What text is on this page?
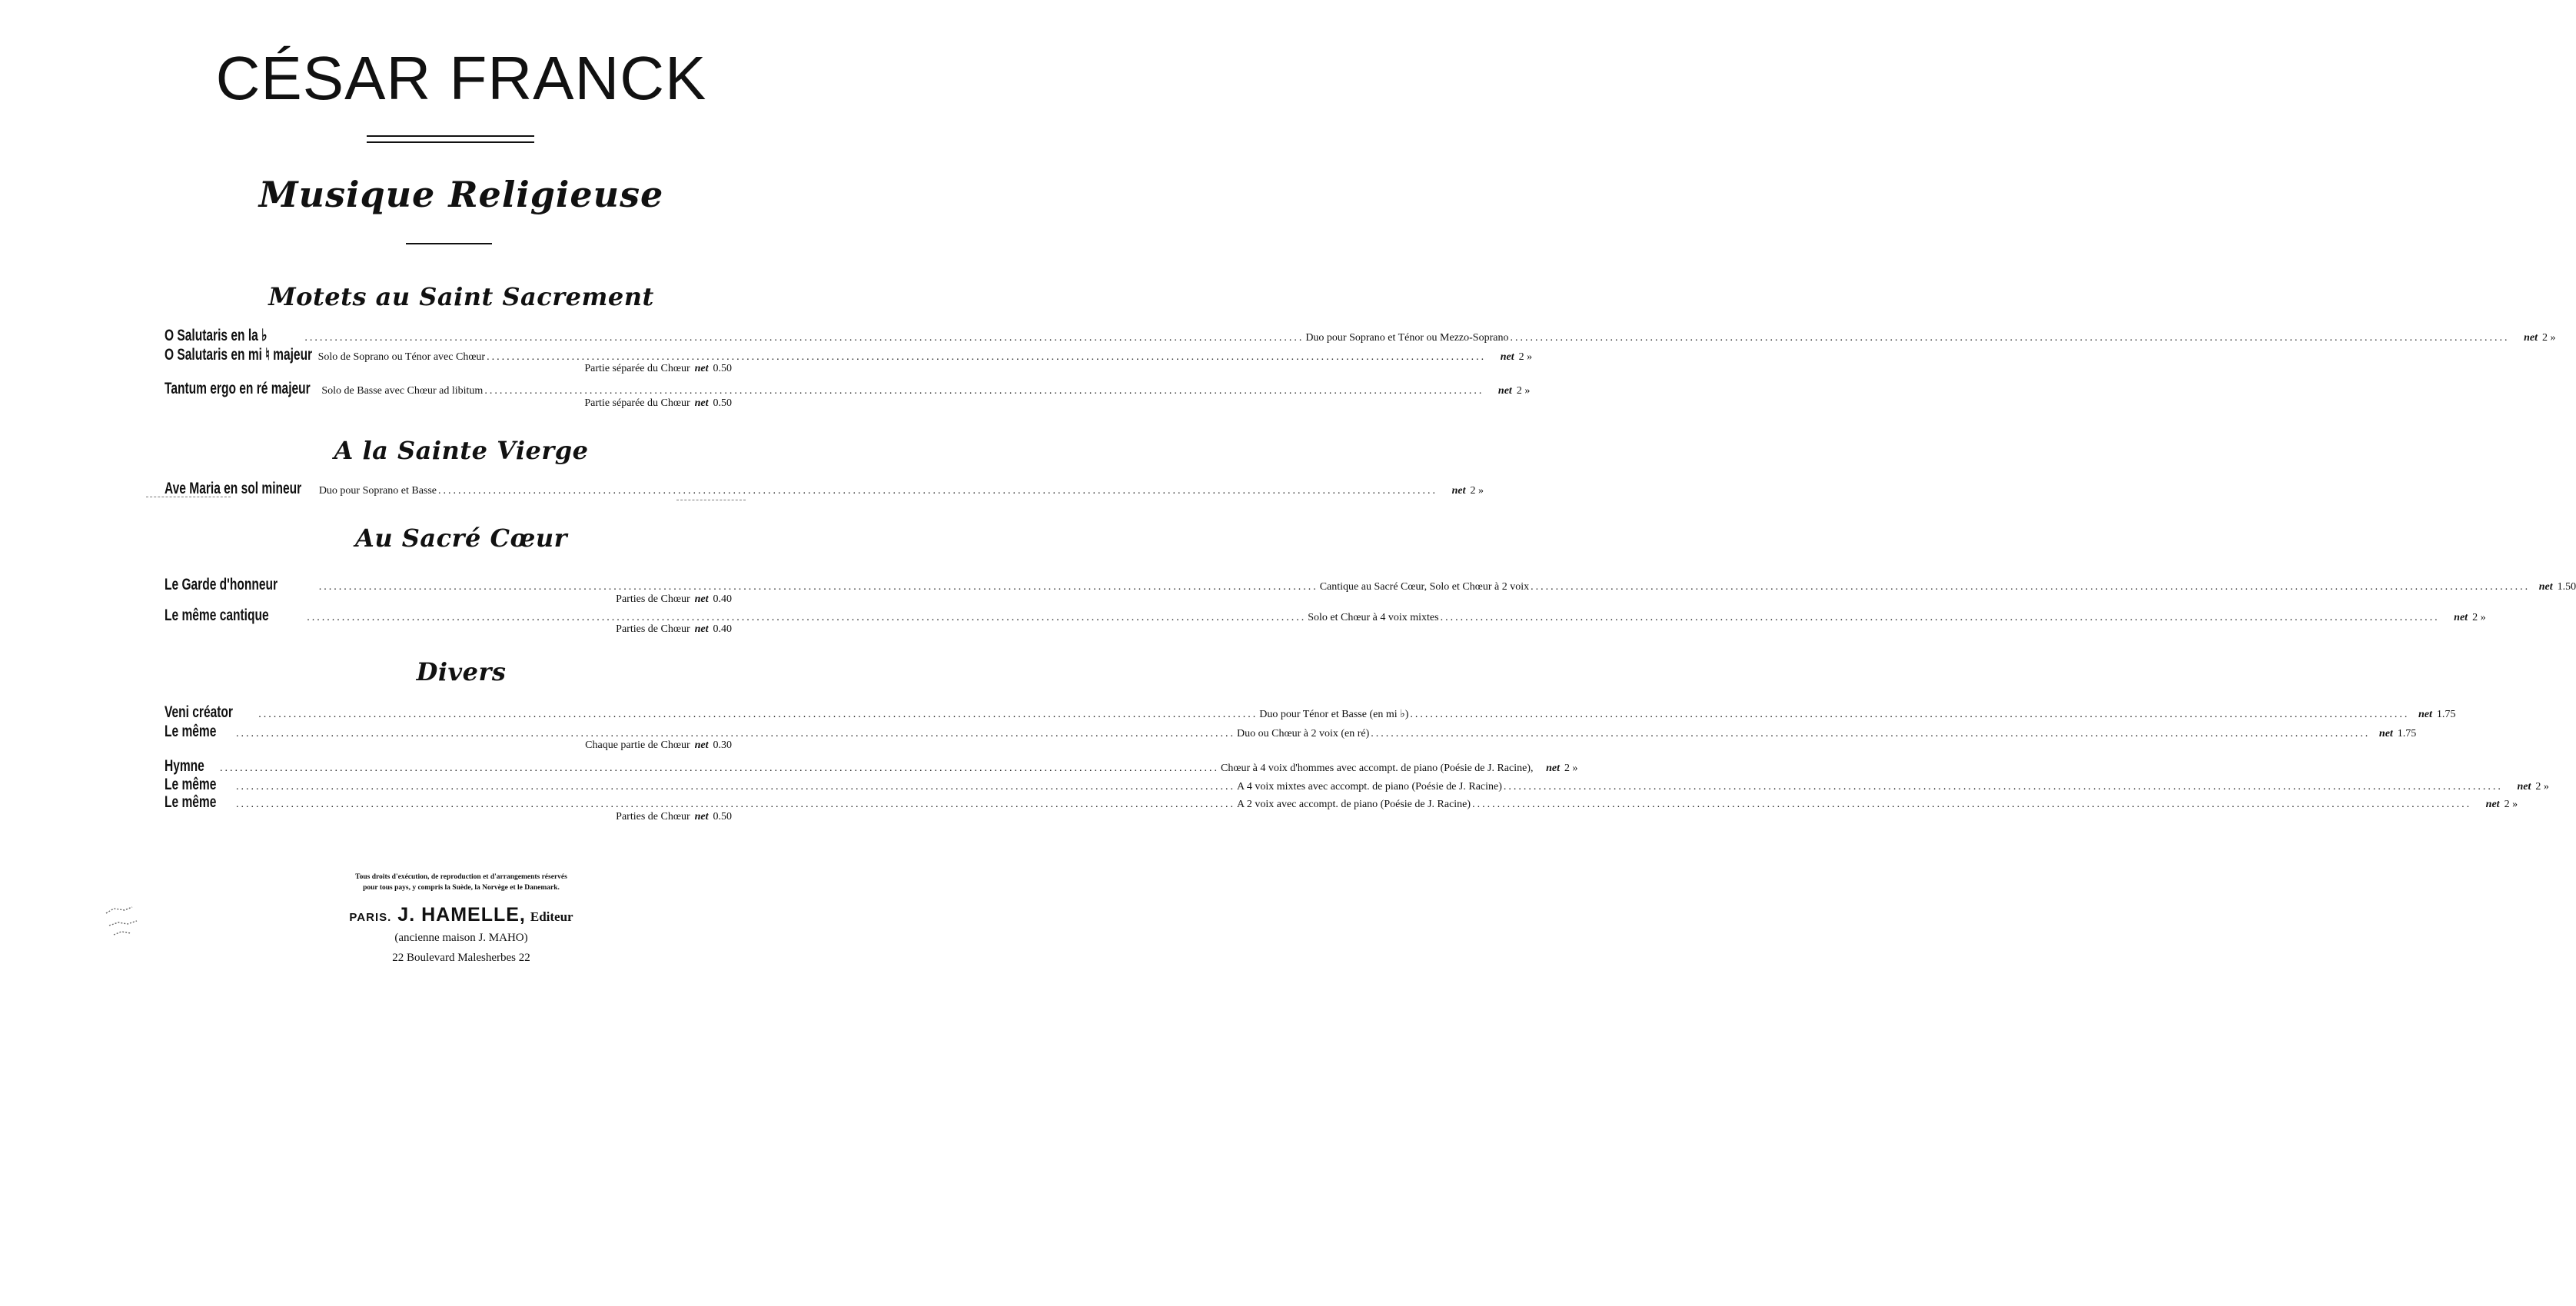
CÉSAR FRANCK
Musique Religieuse
Motets au Saint Sacrement
O Salutaris en la ♭	........................................................................................................................................................................................................ Duo pour Soprano et Ténor ou Mezzo-Soprano ........................................................................................................................................................................................................	net 2 »
O Salutaris en mi ♮ majeur Solo de Soprano ou Ténor avec Chœur ........................................................................................................................................................................................................	net 2 »
Partie séparée du Chœur net 0.50
Tantum ergo en ré majeur Solo de Basse avec Chœur ad libitum ........................................................................................................................................................................................................	net 2 »
Partie séparée du Chœur net 0.50
A la Sainte Vierge
Ave Maria en sol mineur Duo pour Soprano et Basse ........................................................................................................................................................................................................	net 2 »
Au Sacré Cœur
Le Garde d'honneur	........................................................................................................................................................................................................ Cantique au Sacré Cœur, Solo et Chœur à 2 voix ........................................................................................................................................................................................................ net 1.50
Parties de Chœur net 0.40
Le même cantique	........................................................................................................................................................................................................ Solo et Chœur à 4 voix mixtes ........................................................................................................................................................................................................	net 2 »
Parties de Chœur net 0.40
Divers
Veni créator ........................................................................................................................................................................................................ Duo pour Ténor et Basse (en mi ♭) ........................................................................................................................................................................................................ net 1.75
Le même ........................................................................................................................................................................................................ Duo ou Chœur à 2 voix (en ré) ........................................................................................................................................................................................................ net 1.75
Chaque partie de Chœur net 0.30
Hymne ........................................................................................................................................................................................................ Chœur à 4 voix d'hommes avec accompt. de piano (Poésie de J. Racine),	net 2 »
Le même ........................................................................................................................................................................................................ A 4 voix mixtes avec accompt. de piano (Poésie de J. Racine) ........................................................................................................................................................................................................	net 2 »
Le même ........................................................................................................................................................................................................ A 2 voix avec accompt. de piano (Poésie de J. Racine) ........................................................................................................................................................................................................	net 2 »
Parties de Chœur net 0.50
Tous droits d'exécution, de reproduction et d'arrangements réservés
pour tous pays, y compris la Suède, la Norvège et le Danemark.
PARIS. J. HAMELLE, Editeur
(ancienne maison J. MAHO)
22 Boulevard Malesherbes 22
